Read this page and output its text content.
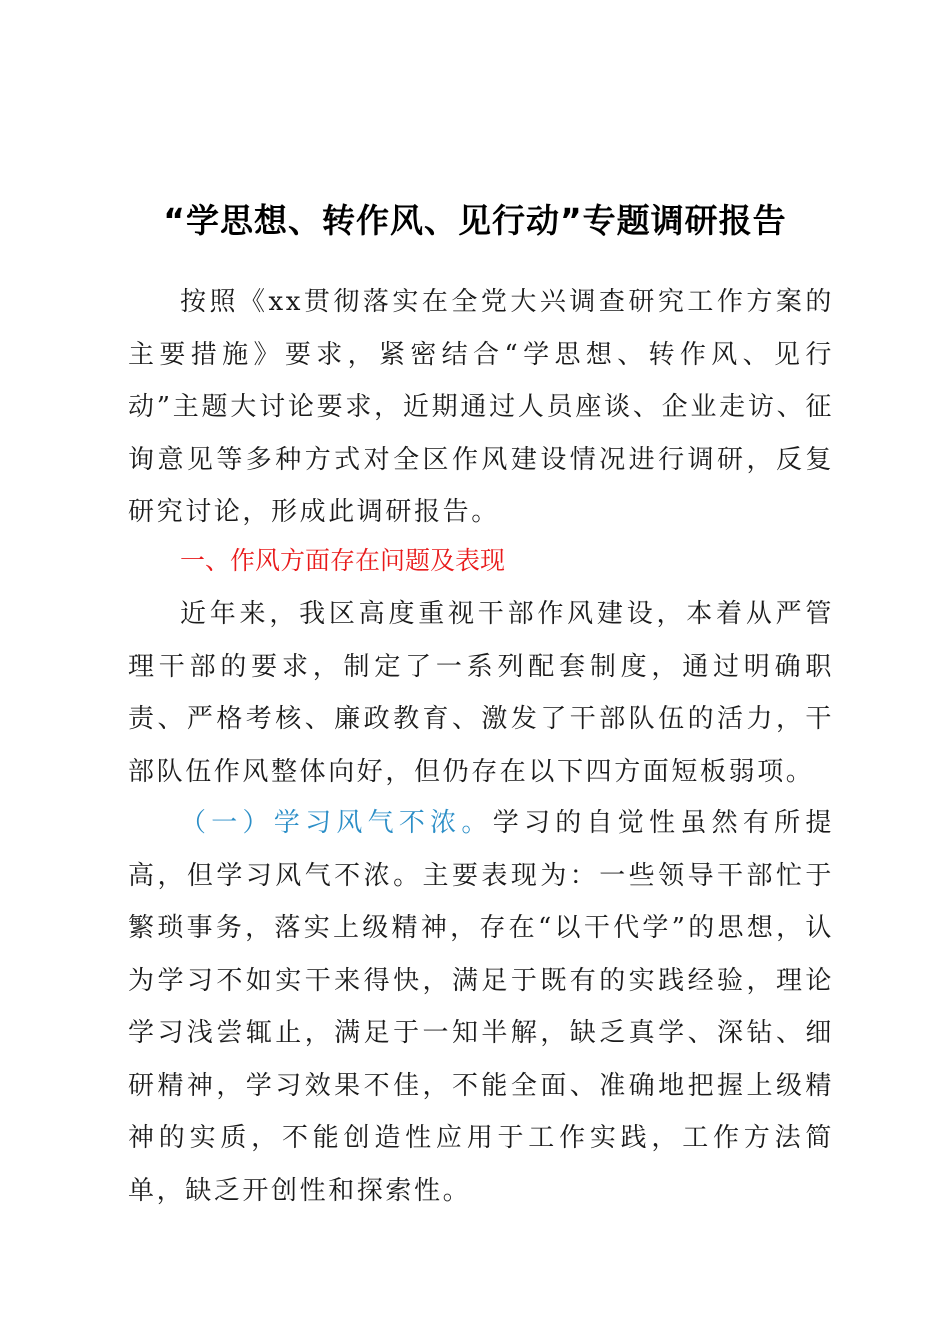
“学思想、转作风、见行动”专题调研报告

按照《xx贯彻落实在全党大兴调查研究工作方案的主要措施》要求，紧密结合“学思想、转作风、见行动”主题大讨论要求，近期通过人员座谈、企业走访、征询意见等多种方式对全区作风建设情况进行调研，反复研究讨论，形成此调研报告。

一、作风方面存在问题及表现

近年来，我区高度重视干部作风建设，本着从严管理干部的要求，制定了一系列配套制度，通过明确职责、严格考核、廉政教育、激发了干部队伍的活力，干部队伍作风整体向好，但仍存在以下四方面短板弱项。

（一）学习风气不浓。学习的自觉性虽然有所提高，但学习风气不浓。主要表现为：一些领导干部忙于繁琐事务，落实上级精神，存在“以干代学”的思想，认为学习不如实干来得快，满足于既有的实践经验，理论学习浅尝辄止，满足于一知半解，缺乏真学、深钻、细研精神，学习效果不佳，不能全面、准确地把握上级精神的实质，不能创造性应用于工作实践，工作方法简单，缺乏开创性和探索性。
